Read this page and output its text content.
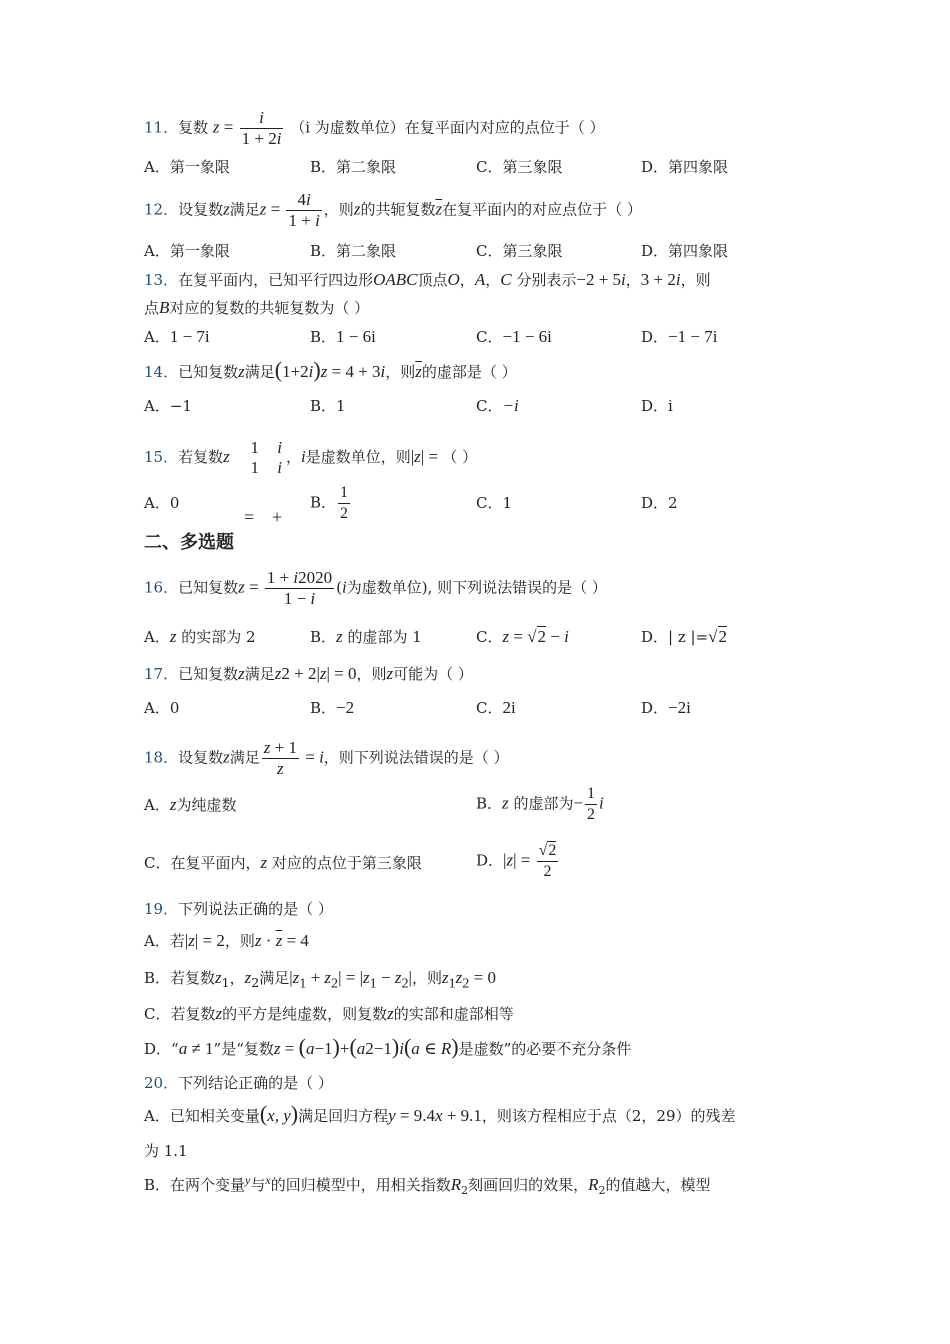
11．复数 $z = \frac{i}{1 + 2i} (i$ 为虚数单位）在复平面内对应的点位于（ ）
A．第一象限	B．第二象限	C．第三象限	D．第四象限
12．设复数z满足$z = \frac{4i}{1 + i}$ ，则z的共轭复数$\overline{z}$在复平面内的对应点位于（ ）
A．第一象限	B．第二象限	C．第三象限	D．第四象限
13．在复平面内，已知平行四边形OABC顶点O，A，C 分别表示−2 + 5i，3 + 2i，则
点B对应的复数的共轭复数为（ ）
A．1 − 7i	B．1 − 6i	C．−1 − 6i	D．−1 − 7i
14．已知复数z满足(1+2i)z = 4 + 3i，则$\overline{z}$的虚部是（ ）
A．−1	B．1	C．−i	D．i
15．若复数z 1 i
1 i
，i是虚数单位，则|z| = （ ）
A．0	B． $\frac{1}{2}$	C．1	D．2
= +
二、多选题
16．已知复数$z = \frac{1 + i2020}{1 - i} (i$为虚数单位), 则下列说法错误的是（ ）
A．z 的实部为 2	B．z 的虚部为 1	C．z = √2 − i	D．| z |=√2
17．已知复数z满足z2 + 2|z| = 0，则z可能为（ ）
A．0	B．−2	C．2i	D．−2i
18．设复数z满足 $\frac{z + 1}{z} = i$，则下列说法错误的是（ ）
A．z为纯虚数	B．z 的虚部为− $\frac{1}{2}$ i
C．在复平面内，z 对应的点位于第三象限	D．$|z| = \frac{√2}{2}$
19．下列说法正确的是（ ）
A．若|z| = 2，则$z \cdot \overline{z} = 4$
B．若复数$z_1$，$z_2$满足$|z_1 + z_2| = |z_1 - z_2|$，则$z_1z_2 = 0$
C．若复数z的平方是纯虚数，则复数z的实部和虚部相等
D．“a ≠ 1”是“复数z = (a−1)+(a2−1)i(a ∈ R)是虚数”的必要不充分条件
20．下列结论正确的是（ ）
A．已知相关变量(x, y)满足回归方程y = 9.4x + 9.1，则该方程相应于点（2，29）的残差
为 1.1
B．在两个变量$^y$与$^x$的回归模型中，用相关指数$R_2$刻画回归的效果，$R_2$的值越大，模型
